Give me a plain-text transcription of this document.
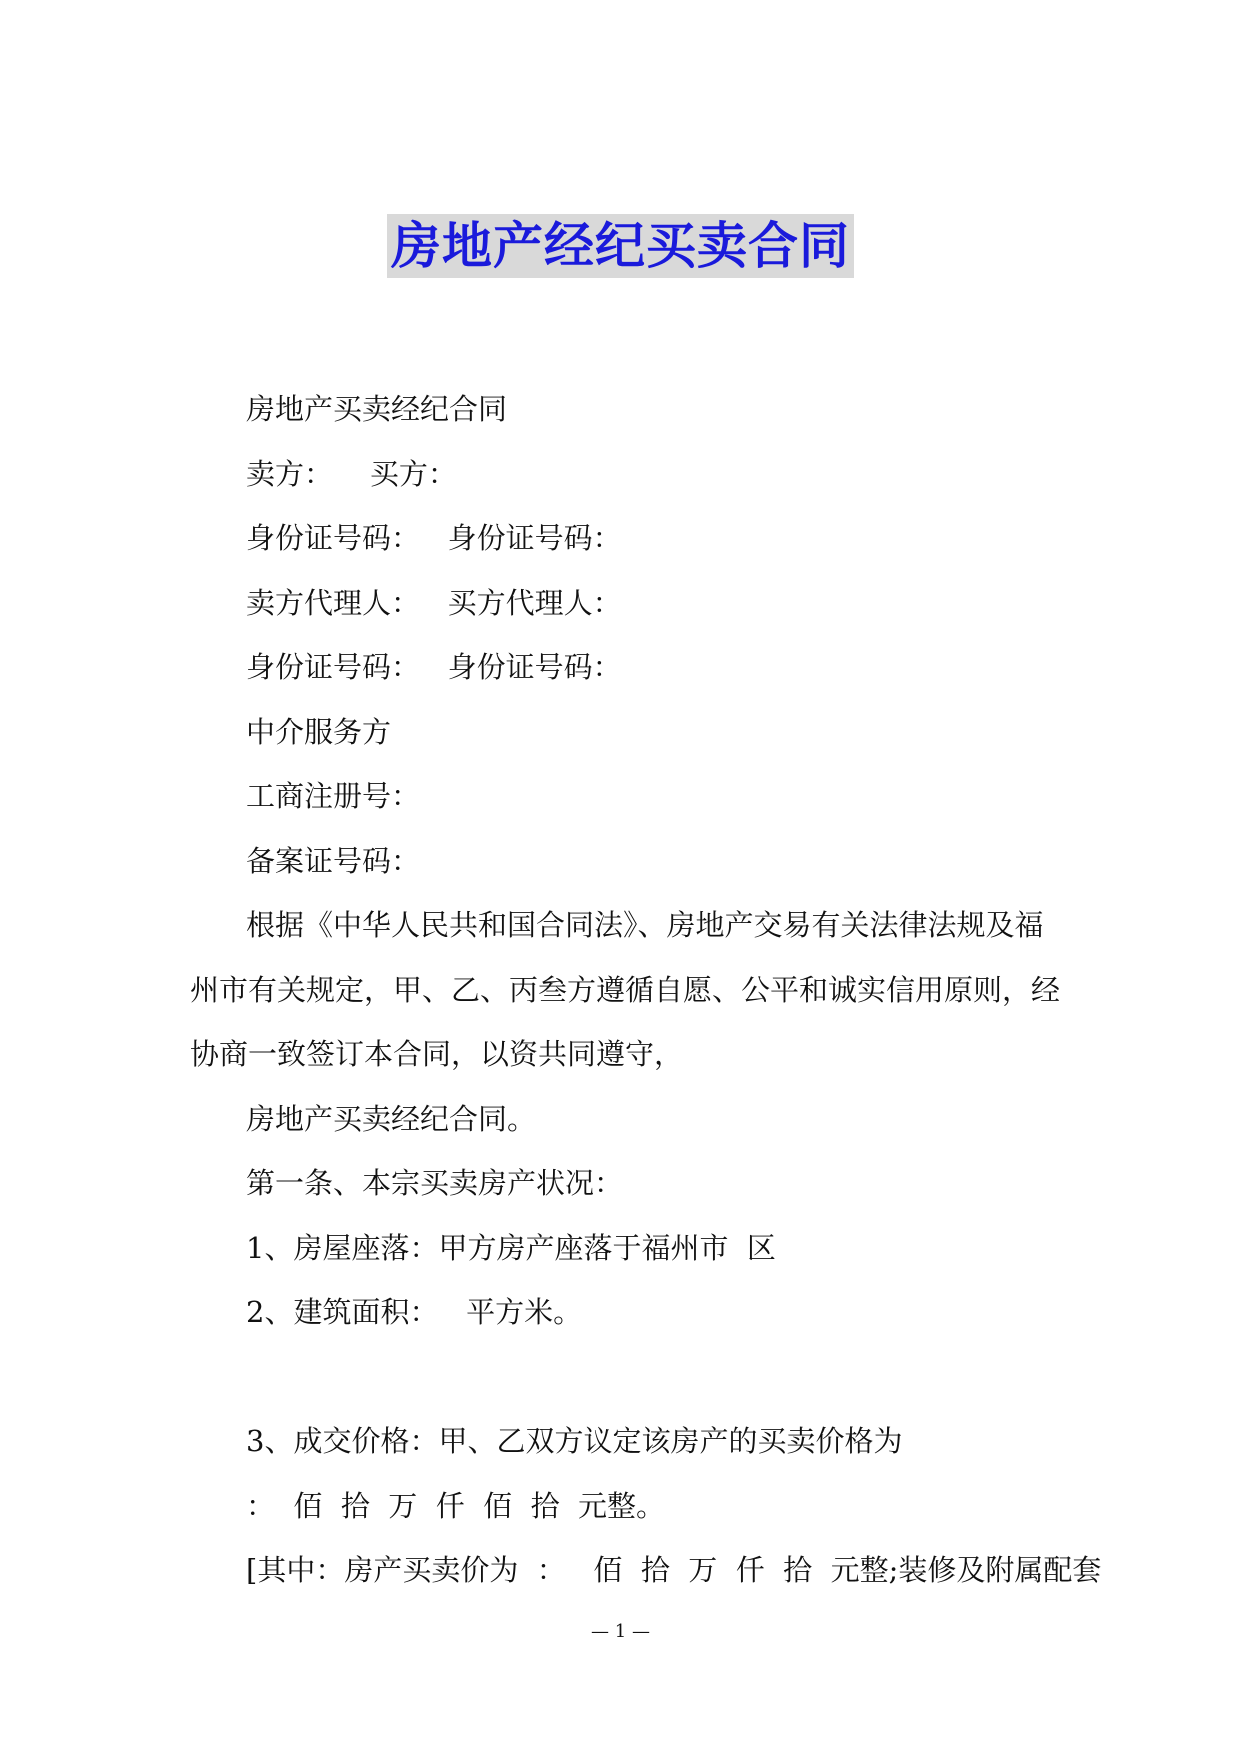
房地产经纪买卖合同
房地产买卖经纪合同
卖方：    买方：
身份证号码：   身份证号码：
卖方代理人：   买方代理人：
身份证号码：   身份证号码：
中介服务方
工商注册号：
备案证号码：
根据《中华人民共和国合同法》、房地产交易有关法律法规及福
州市有关规定，甲、乙、丙叁方遵循自愿、公平和诚实信用原则，经
协商一致签订本合同，以资共同遵守，
房地产买卖经纪合同。
第一条、本宗买卖房产状况：
1、房屋座落：甲方房产座落于福州市  区
2、建筑面积：   平方米。
3、成交价格：甲、乙双方议定该房产的买卖价格为
：  佰  拾  万  仟  佰  拾  元整。
[其中：房产买卖价为  ：   佰  拾  万  仟  拾  元整;装修及附属配套
— 1 —
